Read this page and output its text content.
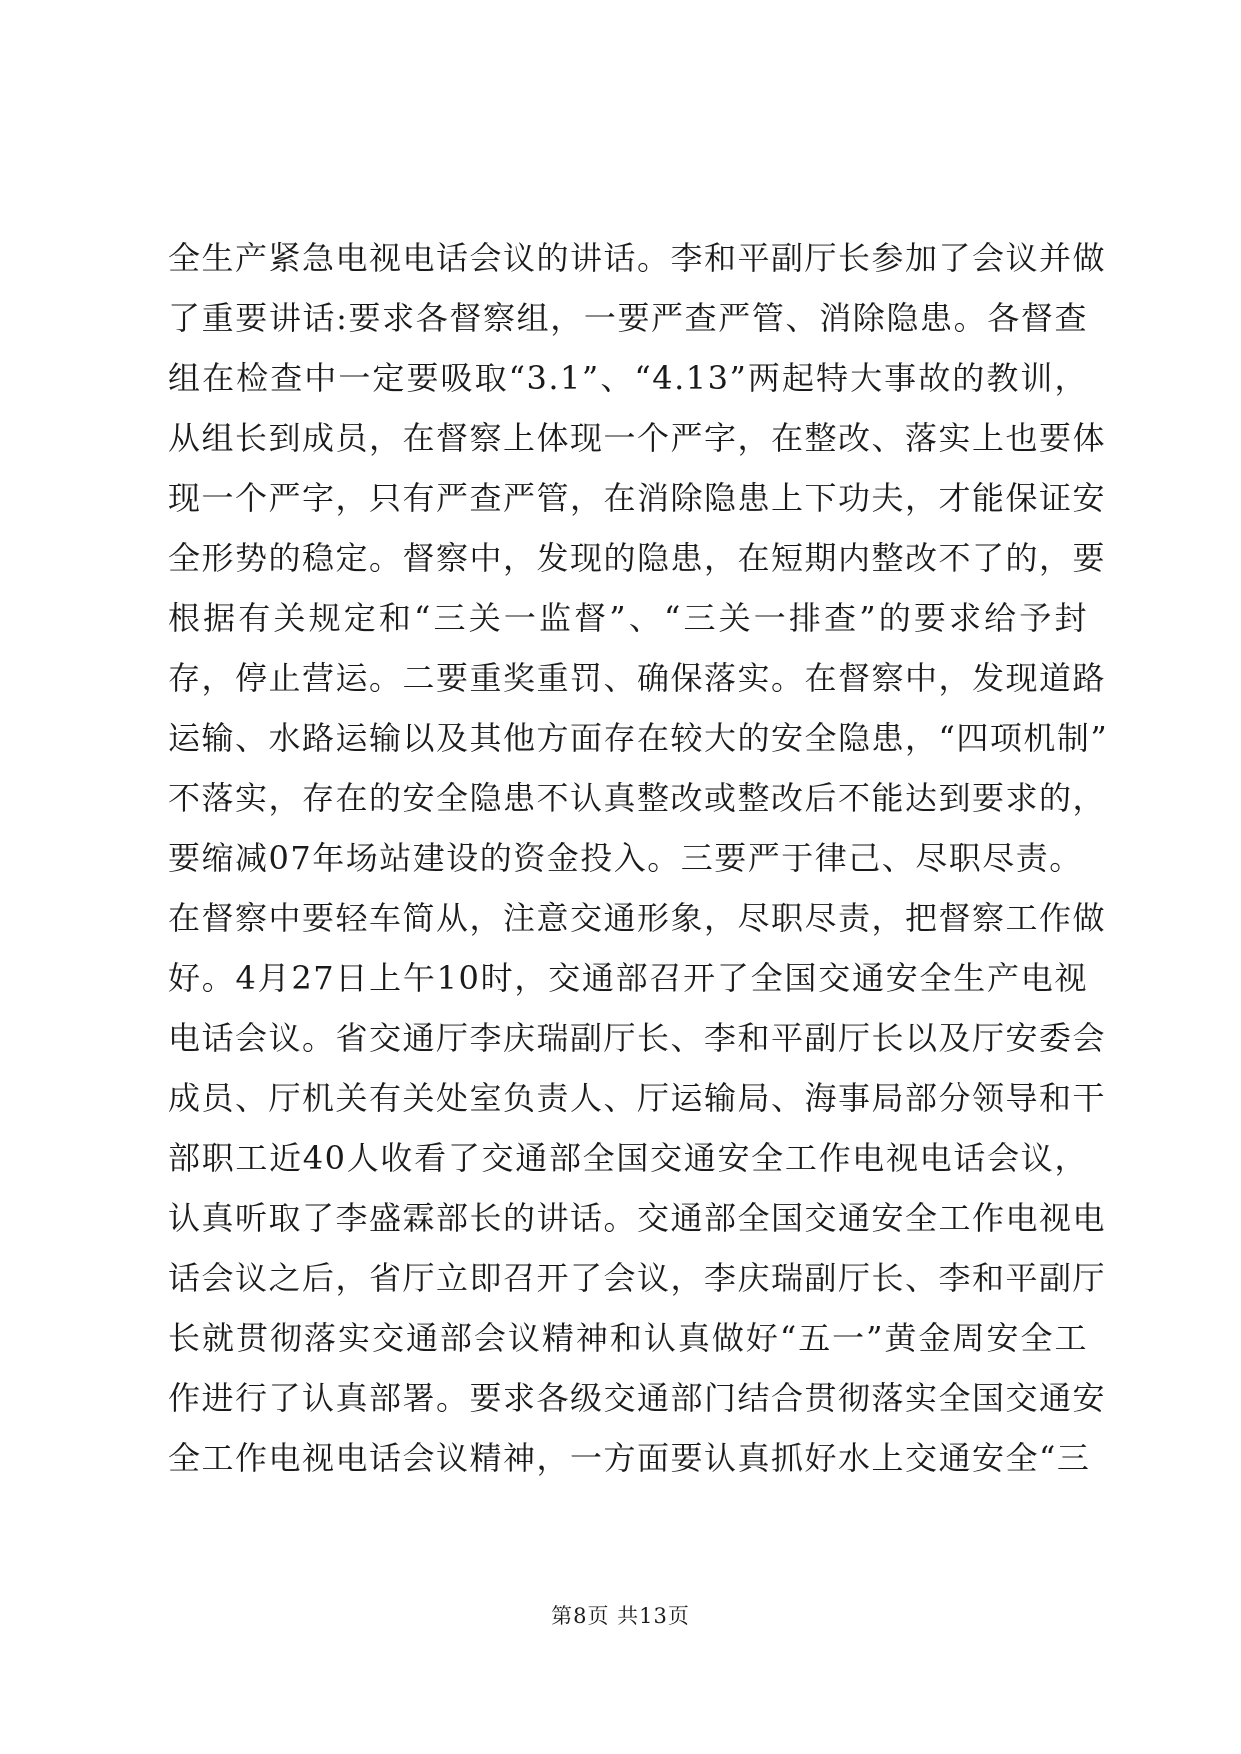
全生产紧急电视电话会议的讲话。李和平副厅长参加了会议并做
了重要讲话:要求各督察组，一要严查严管、消除隐患。各督查
组在检查中一定要吸取“3.1”、“4.13”两起特大事故的教训，
从组长到成员，在督察上体现一个严字，在整改、落实上也要体
现一个严字，只有严查严管，在消除隐患上下功夫，才能保证安
全形势的稳定。督察中，发现的隐患，在短期内整改不了的，要
根据有关规定和“三关一监督”、“三关一排查”的要求给予封
存，停止营运。二要重奖重罚、确保落实。在督察中，发现道路
运输、水路运输以及其他方面存在较大的安全隐患，“四项机制”
不落实，存在的安全隐患不认真整改或整改后不能达到要求的，
要缩减07年场站建设的资金投入。三要严于律己、尽职尽责。
在督察中要轻车简从，注意交通形象，尽职尽责，把督察工作做
好。4月27日上午10时，交通部召开了全国交通安全生产电视
电话会议。省交通厅李庆瑞副厅长、李和平副厅长以及厅安委会
成员、厅机关有关处室负责人、厅运输局、海事局部分领导和干
部职工近40人收看了交通部全国交通安全工作电视电话会议，
认真听取了李盛霖部长的讲话。交通部全国交通安全工作电视电
话会议之后，省厅立即召开了会议，李庆瑞副厅长、李和平副厅
长就贯彻落实交通部会议精神和认真做好“五一”黄金周安全工
作进行了认真部署。要求各级交通部门结合贯彻落实全国交通安
全工作电视电话会议精神，一方面要认真抓好水上交通安全“三
第8页 共13页
